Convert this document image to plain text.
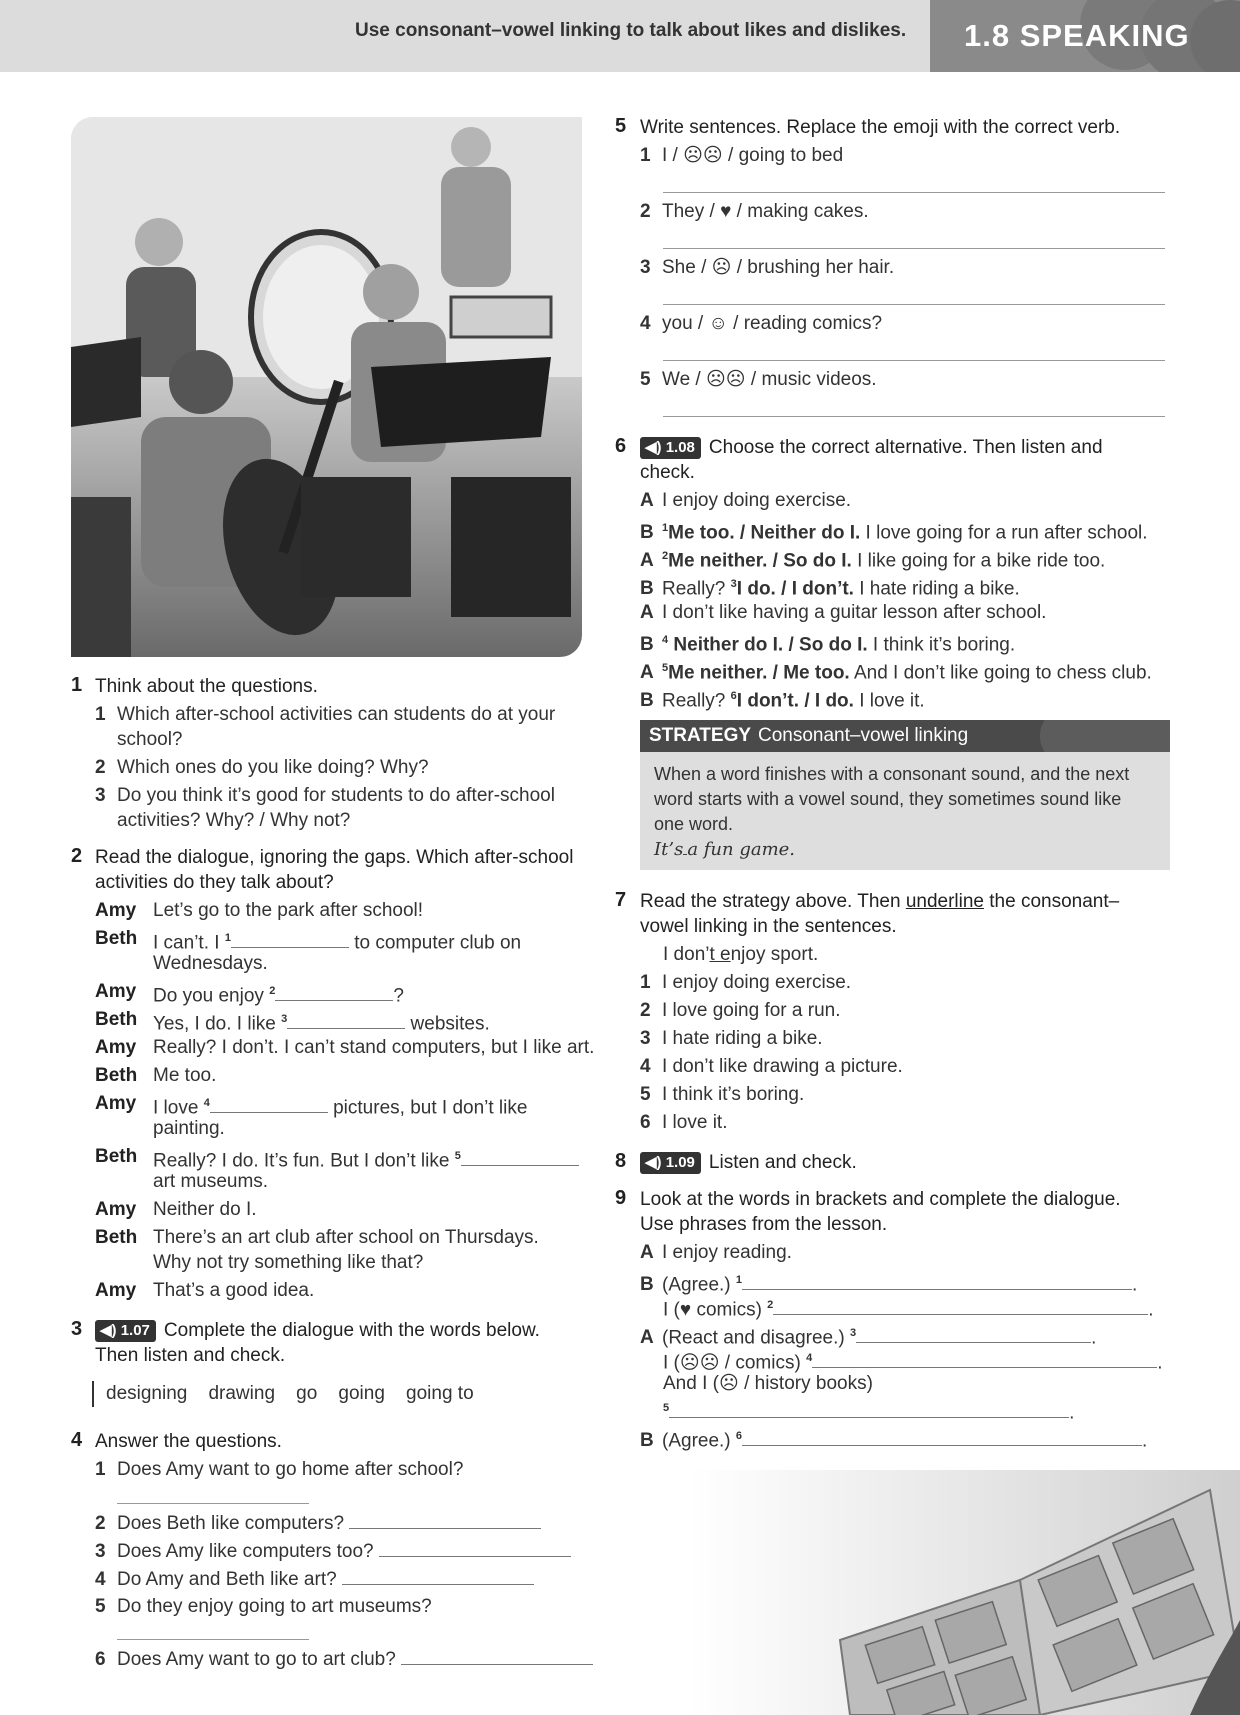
Use consonant–vowel linking to talk about likes and dislikes. 1.8 SPEAKING
1 Think about the questions.
1 Which after-school activities can students do at your
school?
2 Which ones do you like doing? Why?
3 Do you think it’s good for students to do after-school
activities? Why? / Why not?
2 Read the dialogue, ignoring the gaps. Which after-school
activities do they talk about?
Amy Let’s go to the park after school!
Beth I can’t. I $^1$	to computer club on
Wednesdays.
Amy Do you enjoy $^2$	?
Beth Yes, I do. I like $^3$	websites.
Amy Really? I don’t. I can’t stand computers, but I like art.
Beth Me too.
Amy I love $^4$	pictures, but I don’t like
painting.
Beth Really? I do. It’s fun. But I don’t like $^5$
art museums.
Amy Neither do I.
Beth There’s an art club after school on Thursdays.
Why not try something like that?
Amy That’s a good idea.
3	◀) 1.07 Complete the dialogue with the words below.
Then listen and check.
designing drawing go going going to
4 Answer the questions.
1 Does Amy want to go home after school?
2 Does Beth like computers?
3 Does Amy like computers too?
4 Do Amy and Beth like art?
5 Do they enjoy going to art museums?
6 Does Amy want to go to art club?
5 Write sentences. Replace the emoji with the correct verb.
1 I / ☹☹ / going to bed
2 They / ♥ / making cakes.
3 She / ☹ / brushing her hair.
4 you / ☺ / reading comics?
5 We / ☹☹ / music videos.
6	◀) 1.08 Choose the correct alternative. Then listen and
check.
A I enjoy doing exercise.
B $^1$Me too. / Neither do I. I love going for a run after school.
A $^2$Me neither. / So do I. I like going for a bike ride too.
B Really? $^3$I do. / I don’t. I hate riding a bike.
A I don’t like having a guitar lesson after school.
B $^4$ Neither do I. / So do I. I think it’s boring.
A $^5$Me neither. / Me too. And I don’t like going to chess club.
B Really? $^6$I don’t. / I do. I love it.
STRATEGY Consonant–vowel linking
When a word finishes with a consonant sound, and the next
word starts with a vowel sound, they sometimes sound like
one word.
It’s a fun game.
7 Read the strategy above. Then underline the consonant–
vowel linking in the sentences.
I don’t enjoy sport.
1 I enjoy doing exercise.
2 I love going for a run.
3 I hate riding a bike.
4 I don’t like drawing a picture.
5 I think it’s boring.
6 I love it.
8	◀) 1.09 Listen and check.
9 Look at the words in brackets and complete the dialogue.
Use phrases from the lesson.
A I enjoy reading.
B (Agree.) $^1$	.
I (♥ comics) $^2$	.
A (React and disagree.) $^3$	.
I (☹☹ / comics) $^4$	.
And I (☹ / history books)
$^5$	.
B (Agree.) $^6$	.
